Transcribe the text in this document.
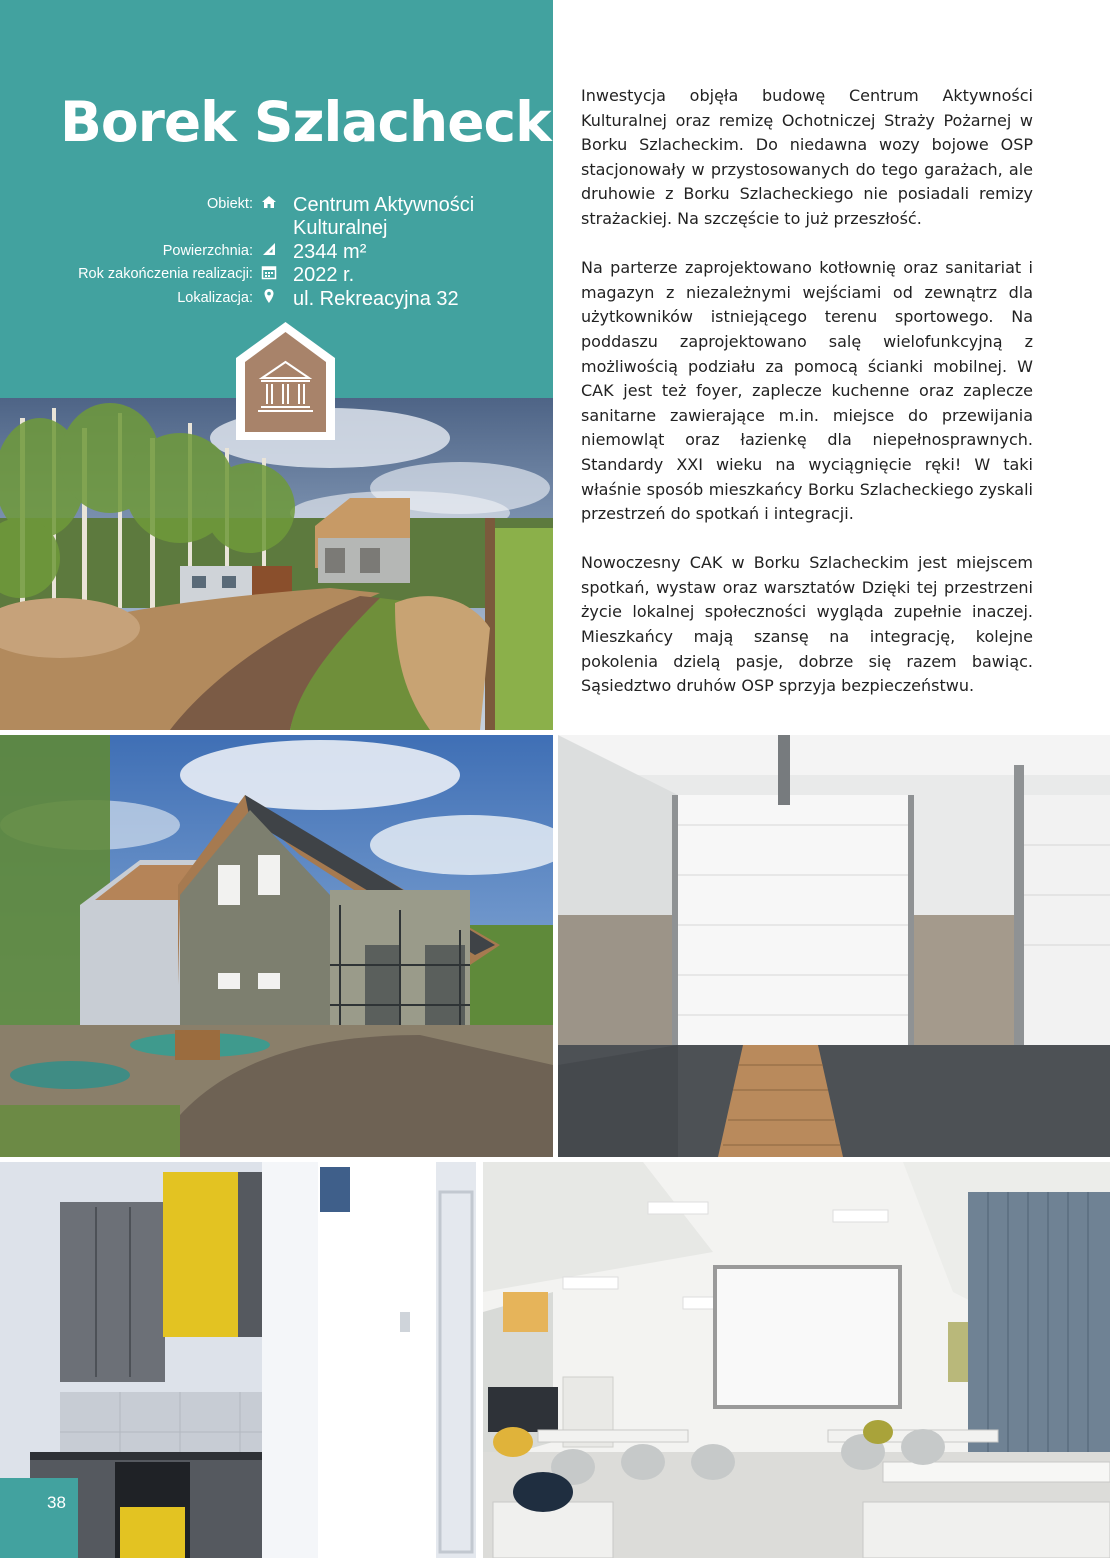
Borek Szlachecki
Obiekt:	Centrum Aktywności
Kulturalnej
Powierzchnia:	2344 m²
Rok zakończenia realizacji:	2022 r.
Lokalizacja:	ul. Rekreacyjna 32

Inwestycja objęła budowę Centrum Aktywności Kulturalnej oraz remizę Ochotniczej Straży Pożarnej w Borku Szlacheckim. Do niedawna wozy bojowe OSP stacjonowały w przystosowanych do tego garażach, ale druhowie z Borku Szlacheckiego nie posiadali remizy strażackiej. Na szczęście to już przeszłość.

Na parterze zaprojektowano kotłownię oraz sanitariat i magazyn z niezależnymi wejściami od zewnątrz dla użytkowników istniejącego terenu sportowego. Na poddaszu zaprojektowano salę wielofunkcyjną z możliwością podziału za pomocą ścianki mobilnej. W CAK jest też foyer, zaplecze kuchenne oraz zaplecze sanitarne zawierające m.in. miejsce do przewijania niemowląt oraz łazienkę dla niepełnosprawnych. Standardy XXI wieku na wyciągnięcie ręki! W taki właśnie sposób mieszkańcy Borku Szlacheckiego zyskali przestrzeń do spotkań i integracji.

Nowoczesny CAK w Borku Szlacheckim jest miejscem spotkań, wystaw oraz warsztatów Dzięki tej przestrzeni życie lokalnej społeczności wygląda zupełnie inaczej. Mieszkańcy mają szansę na integrację, kolejne pokolenia dzielą pasje, dobrze się razem bawiąc. Sąsiedztwo druhów OSP sprzyja bezpieczeństwu.

38
